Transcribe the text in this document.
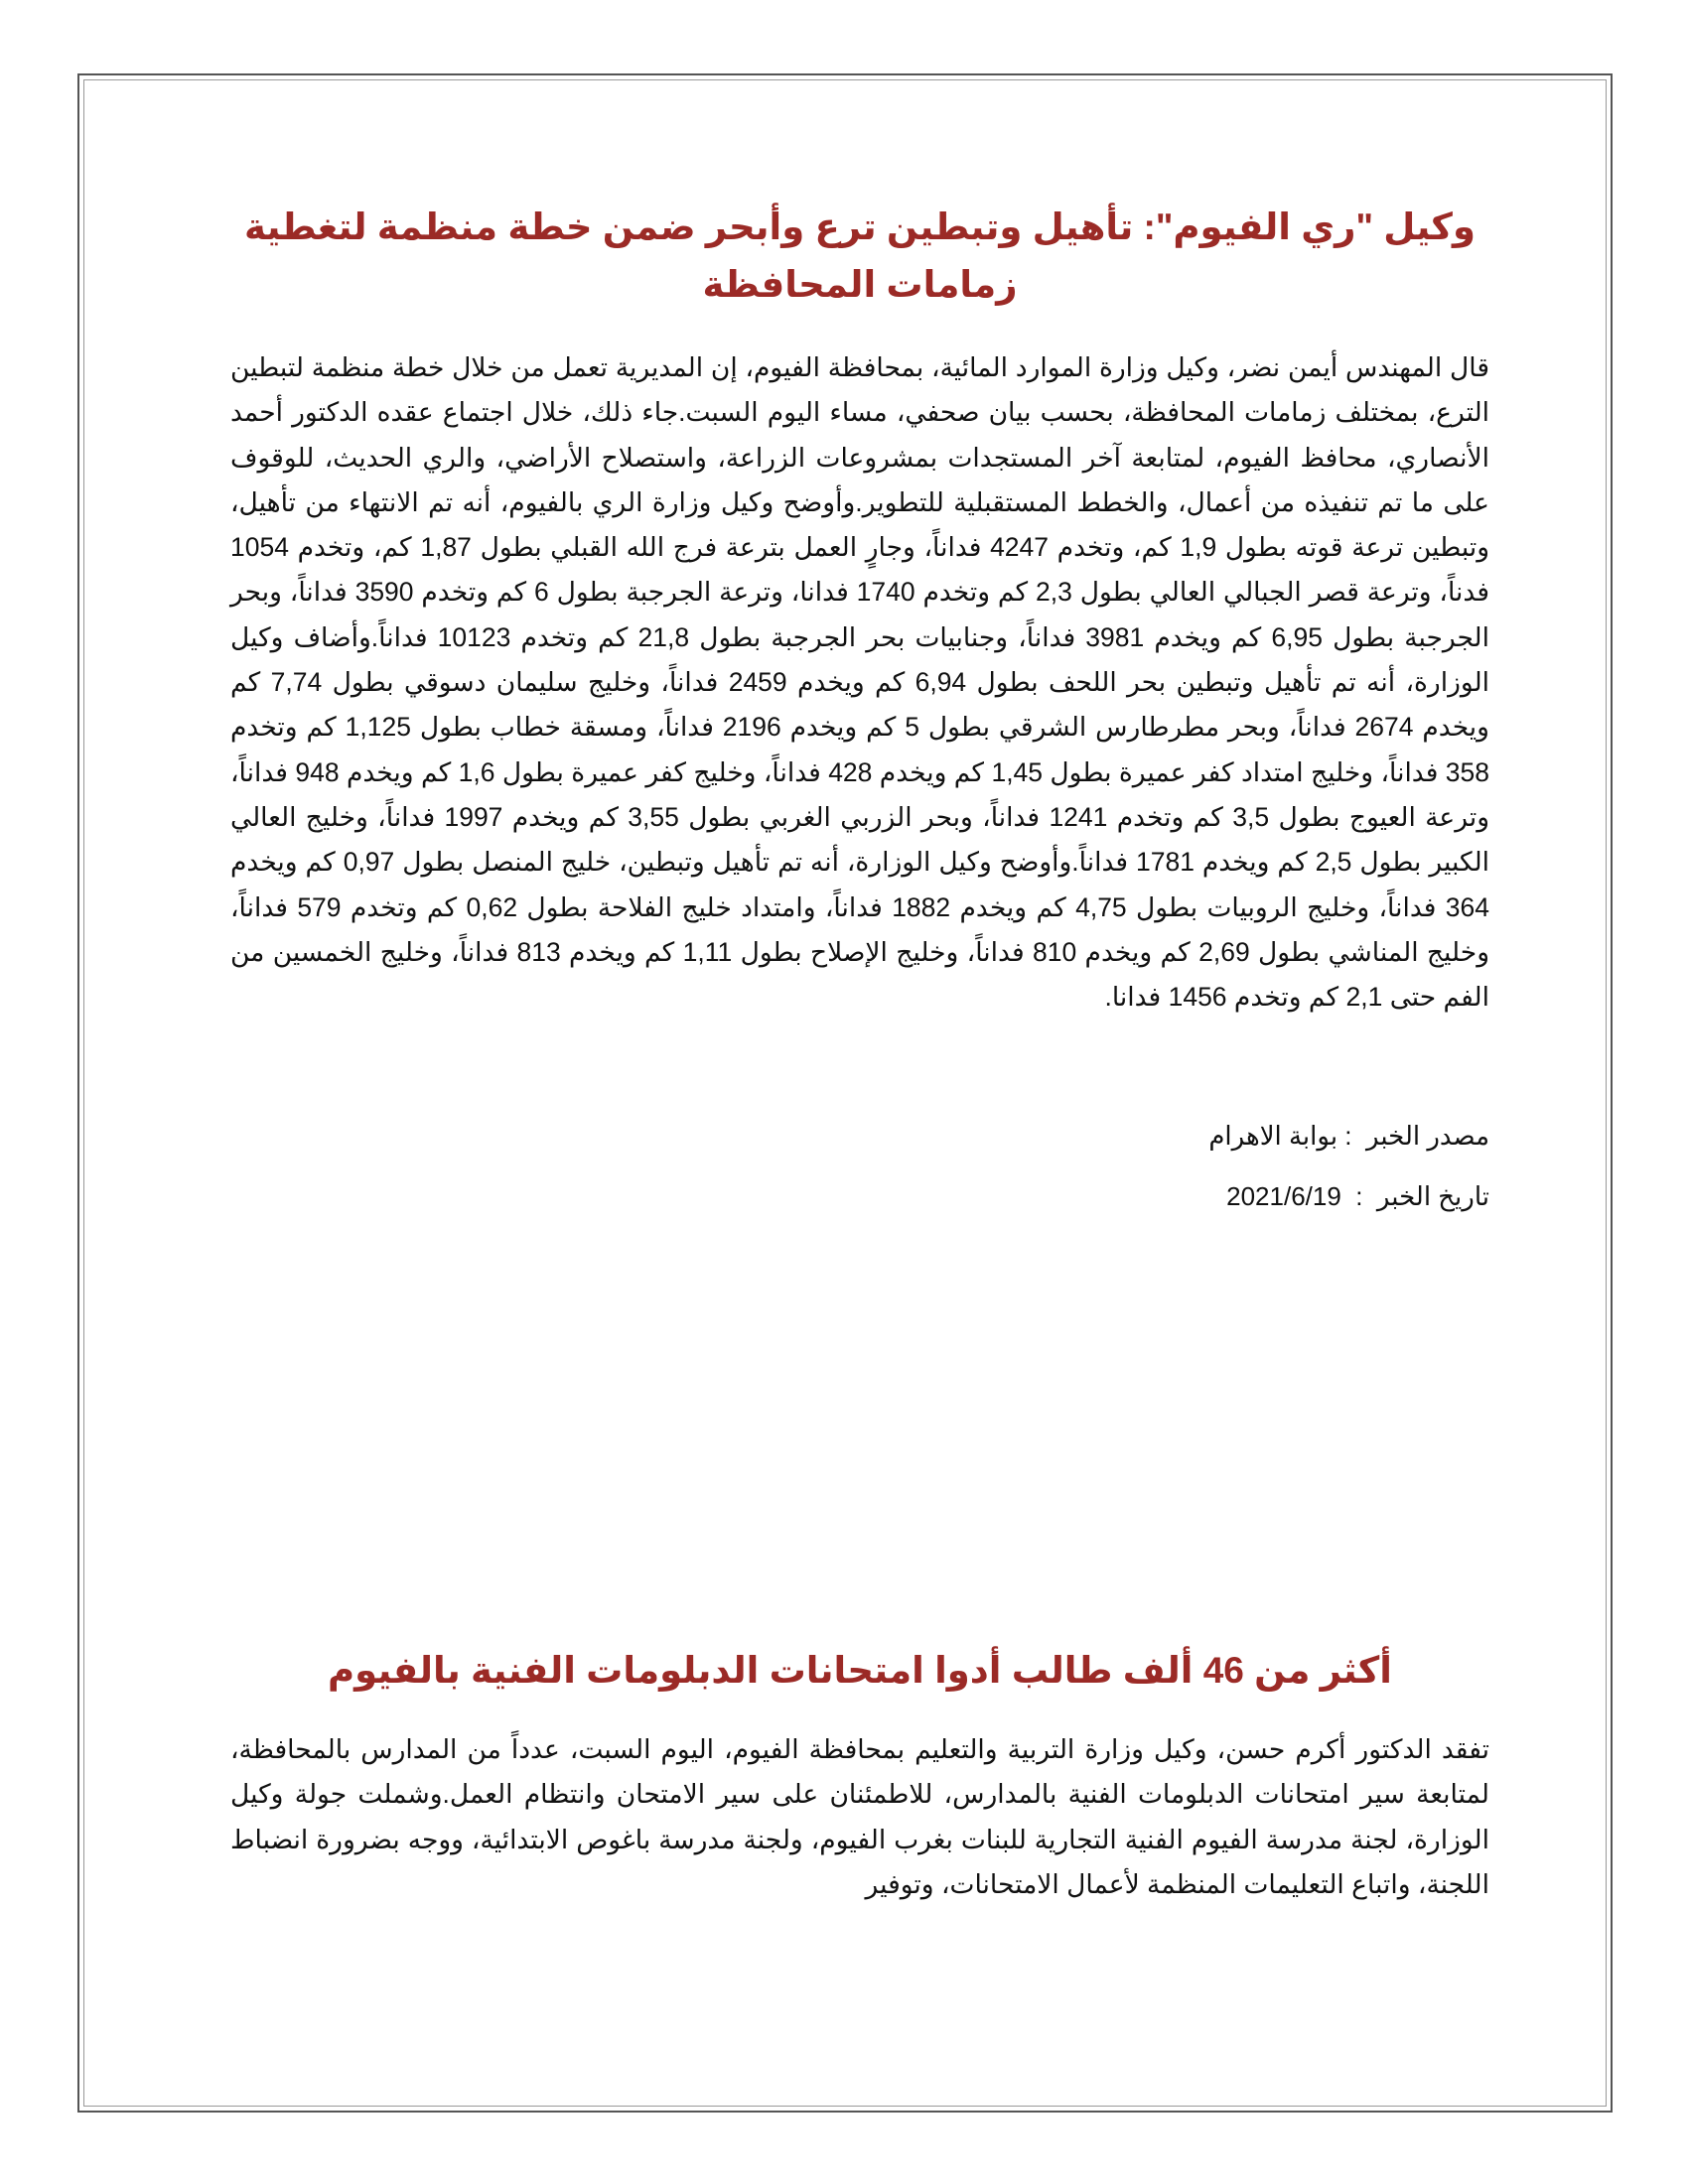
وكيل "ري الفيوم": تأهيل وتبطين ترع وأبحر ضمن خطة منظمة لتغطية زمامات المحافظة

قال المهندس أيمن نضر، وكيل وزارة الموارد المائية، بمحافظة الفيوم، إن المديرية تعمل من خلال خطة منظمة لتبطين الترع، بمختلف زمامات المحافظة، بحسب بيان صحفي، مساء اليوم السبت.جاء ذلك، خلال اجتماع عقده الدكتور أحمد الأنصاري، محافظ الفيوم، لمتابعة آخر المستجدات بمشروعات الزراعة، واستصلاح الأراضي، والري الحديث، للوقوف على ما تم تنفيذه من أعمال، والخطط المستقبلية للتطوير.وأوضح وكيل وزارة الري بالفيوم، أنه تم الانتهاء من تأهيل، وتبطين ترعة قوته بطول 1,9 كم، وتخدم 4247 فداناً، وجارٍ العمل بترعة فرج الله القبلي بطول 1,87 كم، وتخدم 1054 فدناً، وترعة قصر الجبالي العالي بطول 2,3 كم وتخدم 1740 فدانا، وترعة الجرجبة بطول 6 كم وتخدم 3590 فداناً، وبحر الجرجبة بطول 6,95 كم ويخدم 3981 فداناً، وجنابيات بحر الجرجبة بطول 21,8 كم وتخدم 10123 فداناً.وأضاف وكيل الوزارة، أنه تم تأهيل وتبطين بحر اللحف بطول 6,94 كم ويخدم 2459 فداناً، وخليج سليمان دسوقي بطول 7,74 كم ويخدم 2674 فداناً، وبحر مطرطارس الشرقي بطول 5 كم ويخدم 2196 فداناً، ومسقة خطاب بطول 1,125 كم وتخدم 358 فداناً، وخليج امتداد كفر عميرة بطول 1,45 كم ويخدم 428 فداناً، وخليج كفر عميرة بطول 1,6 كم ويخدم 948 فداناً، وترعة العيوج بطول 3,5 كم وتخدم 1241 فداناً، وبحر الزربي الغربي بطول 3,55 كم ويخدم 1997 فداناً، وخليج العالي الكبير بطول 2,5 كم ويخدم 1781 فداناً.وأوضح وكيل الوزارة، أنه تم تأهيل وتبطين، خليج المنصل بطول 0,97 كم ويخدم 364 فداناً، وخليج الروبيات بطول 4,75 كم ويخدم 1882 فداناً، وامتداد خليج الفلاحة بطول 0,62 كم وتخدم 579 فداناً، وخليج المناشي بطول 2,69 كم ويخدم 810 فداناً، وخليج الإصلاح بطول 1,11 كم ويخدم 813 فداناً، وخليج الخمسين من الفم حتى 2,1 كم وتخدم 1456 فدانا.

مصدر الخبر  : بوابة الاهرام
تاريخ الخبر  :  2021/6/19
أكثر من 46 ألف طالب أدوا امتحانات الدبلومات الفنية بالفيوم

تفقد الدكتور أكرم حسن، وكيل وزارة التربية والتعليم بمحافظة الفيوم، اليوم السبت، عدداً من المدارس بالمحافظة، لمتابعة سير امتحانات الدبلومات الفنية بالمدارس، للاطمئنان على سير الامتحان وانتظام العمل.وشملت جولة وكيل الوزارة، لجنة مدرسة الفيوم الفنية التجارية للبنات بغرب الفيوم، ولجنة مدرسة باغوص الابتدائية، ووجه بضرورة انضباط اللجنة، واتباع التعليمات المنظمة لأعمال الامتحانات، وتوفير
